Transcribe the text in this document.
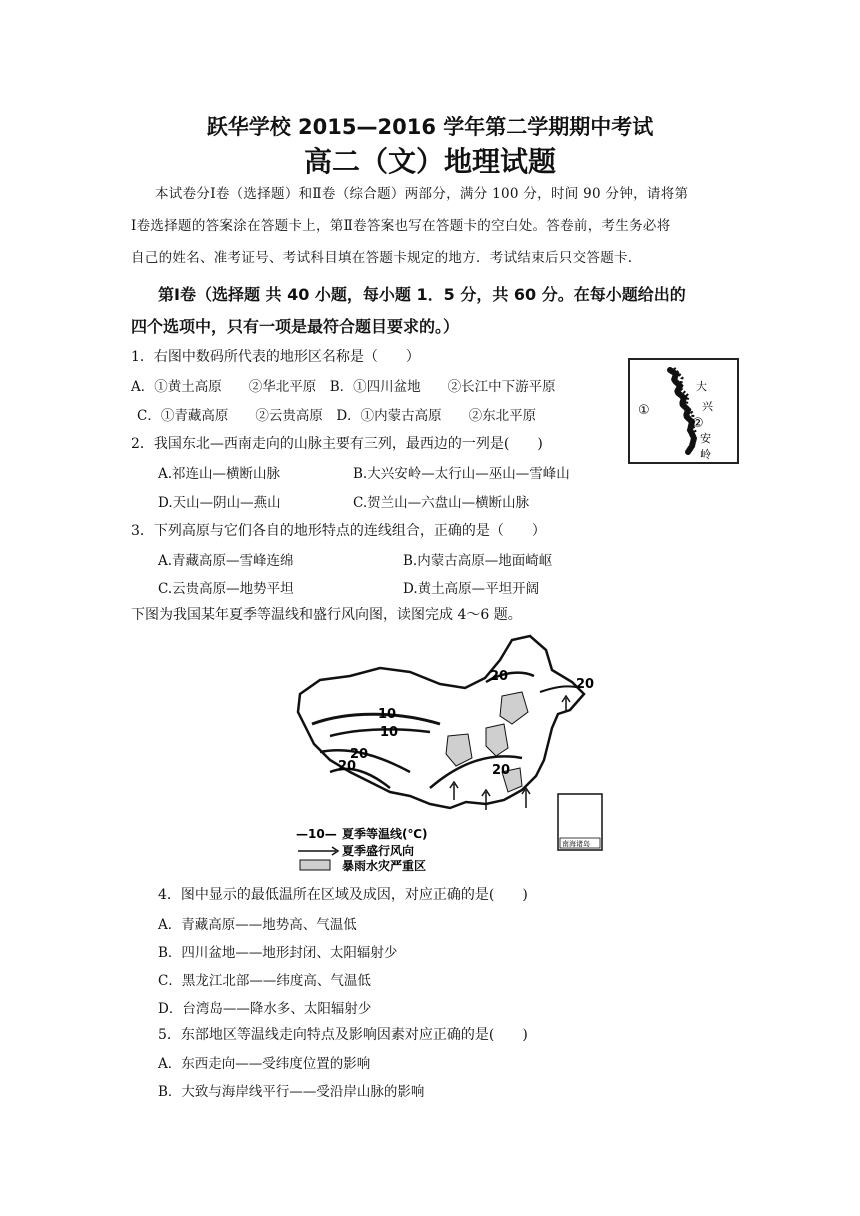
跃华学校 2015—2016 学年第二学期期中考试
高二（文）地理试题
本试卷分Ⅰ卷（选择题）和Ⅱ卷（综合题）两部分，满分 100 分，时间 90 分钟，请将第
Ⅰ卷选择题的答案涂在答题卡上，第Ⅱ卷答案也写在答题卡的空白处。答卷前，考生务必将
自己的姓名、准考证号、考试科目填在答题卡规定的地方．考试结束后只交答题卡.
第Ⅰ卷（选择题 共 40 小题，每小题 1．5 分，共 60 分。在每小题给出的
四个选项中，只有一项是最符合题目要求的。）
1．右图中数码所代表的地形区名称是（　　）
A．①黄土高原　　②华北平原　B．①四川盆地　　②长江中下游平原
C．①青藏高原　　②云贵高原　D．①内蒙古高原　　②东北平原	①
②
大
兴
安
岭
2．我国东北—西南走向的山脉主要有三列，最西边的一列是(　　)
A.祁连山—横断山脉	B.大兴安岭—太行山—巫山—雪峰山
D.天山—阴山—燕山	C.贺兰山—六盘山—横断山脉
3．下列高原与它们各自的地形特点的连线组合，正确的是（　　）
A.青藏高原—雪峰连绵	B.内蒙古高原—地面崎岖
C.云贵高原—地势平坦	D.黄土高原—平坦开阔
下图为我国某年夏季等温线和盛行风向图，读图完成 4～6 题。
20
20
10
10
20
20	20
南海诸岛
—10— 夏季等温线(℃)
夏季盛行风向
暴雨水灾严重区
4．图中显示的最低温所在区域及成因，对应正确的是(　　)
A．青藏高原——地势高、气温低
B．四川盆地——地形封闭、太阳辐射少
C．黑龙江北部——纬度高、气温低
D．台湾岛——降水多、太阳辐射少
5．东部地区等温线走向特点及影响因素对应正确的是(　　)
A．东西走向——受纬度位置的影响
B．大致与海岸线平行——受沿岸山脉的影响
